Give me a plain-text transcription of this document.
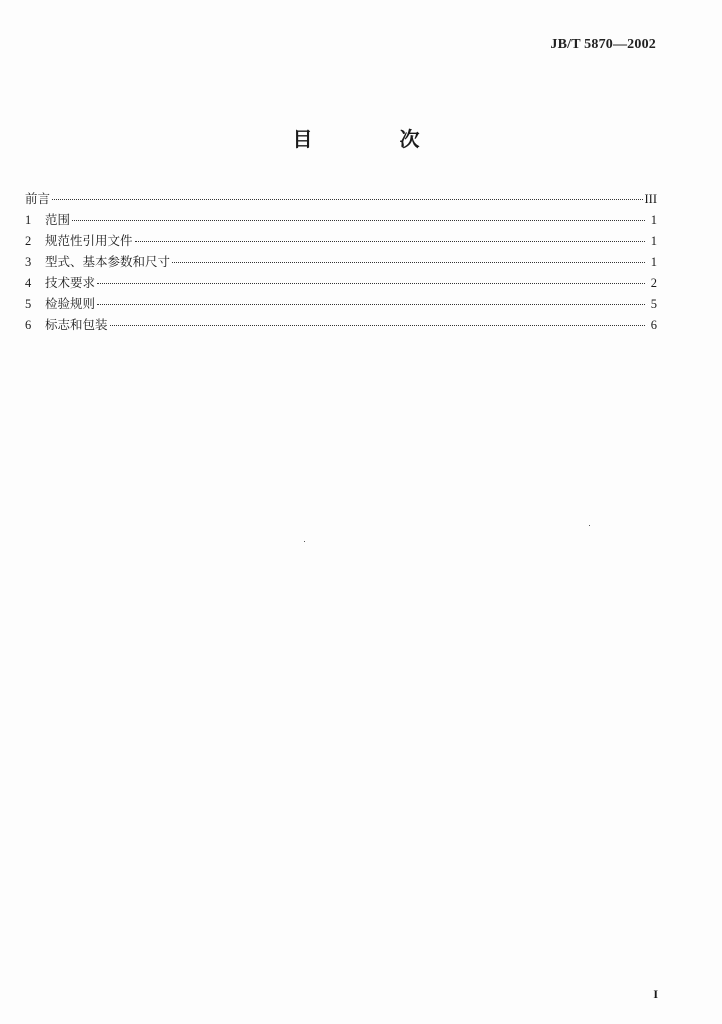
JB/T 5870—2002
目 次
前言	III
1	范围	1
2	规范性引用文件	1
3	型式、基本参数和尺寸	1
4	技术要求	2
5	检验规则	5
6	标志和包装	6
I
